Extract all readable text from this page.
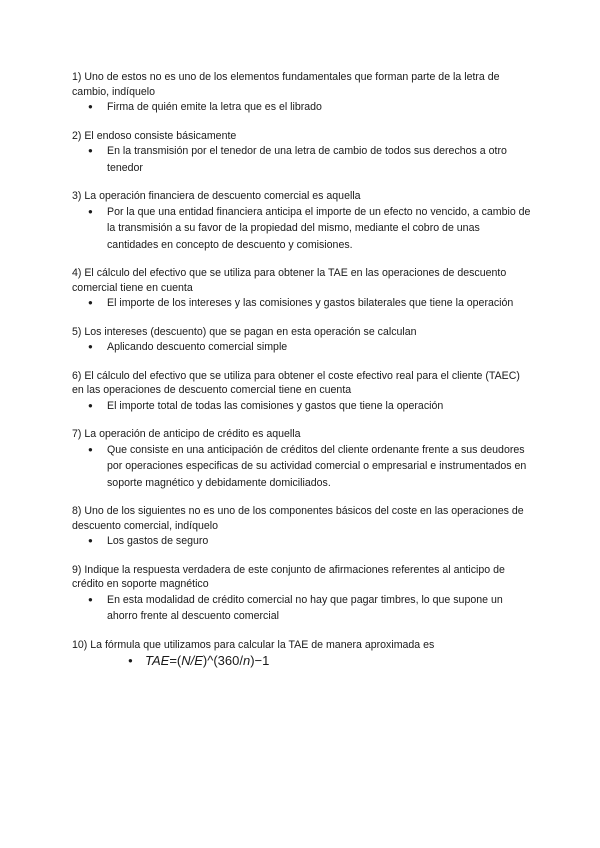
1) Uno de estos no es uno de los elementos fundamentales que forman parte de la letra de cambio, indíquelo

● Firma de quién emite la letra que es el librado

2) El endoso consiste básicamente

● En la transmisión por el tenedor de una letra de cambio de todos sus derechos a otro tenedor

3) La operación financiera de descuento comercial es aquella

● Por la que una entidad financiera anticipa el importe de un efecto no vencido, a cambio de la transmisión a su favor de la propiedad del mismo, mediante el cobro de unas cantidades en concepto de descuento y comisiones.

4) El cálculo del efectivo que se utiliza para obtener la TAE en las operaciones de descuento comercial tiene en cuenta

● El importe de los intereses y las comisiones y gastos bilaterales que tiene la operación

5) Los intereses (descuento) que se pagan en esta operación se calculan

● Aplicando descuento comercial simple

6) El cálculo del efectivo que se utiliza para obtener el coste efectivo real para el cliente (TAEC) en las operaciones de descuento comercial tiene en cuenta

● El importe total de todas las comisiones y gastos que tiene la operación

7) La operación de anticipo de crédito es aquella

● Que consiste en una anticipación de créditos del cliente ordenante frente a sus deudores por operaciones especificas de su actividad comercial o empresarial e instrumentados en soporte magnético y debidamente domiciliados.

8) Uno de los siguientes no es uno de los componentes básicos del coste en las operaciones de descuento comercial, indíquelo

● Los gastos de seguro

9) Indique la respuesta verdadera de este conjunto de afirmaciones referentes al anticipo de crédito en soporte magnético

● En esta modalidad de crédito comercial no hay que pagar timbres, lo que supone un ahorro frente al descuento comercial

10) La fórmula que utilizamos para calcular la TAE de manera aproximada es

● TAE=(N/E)^(360/n)−1
